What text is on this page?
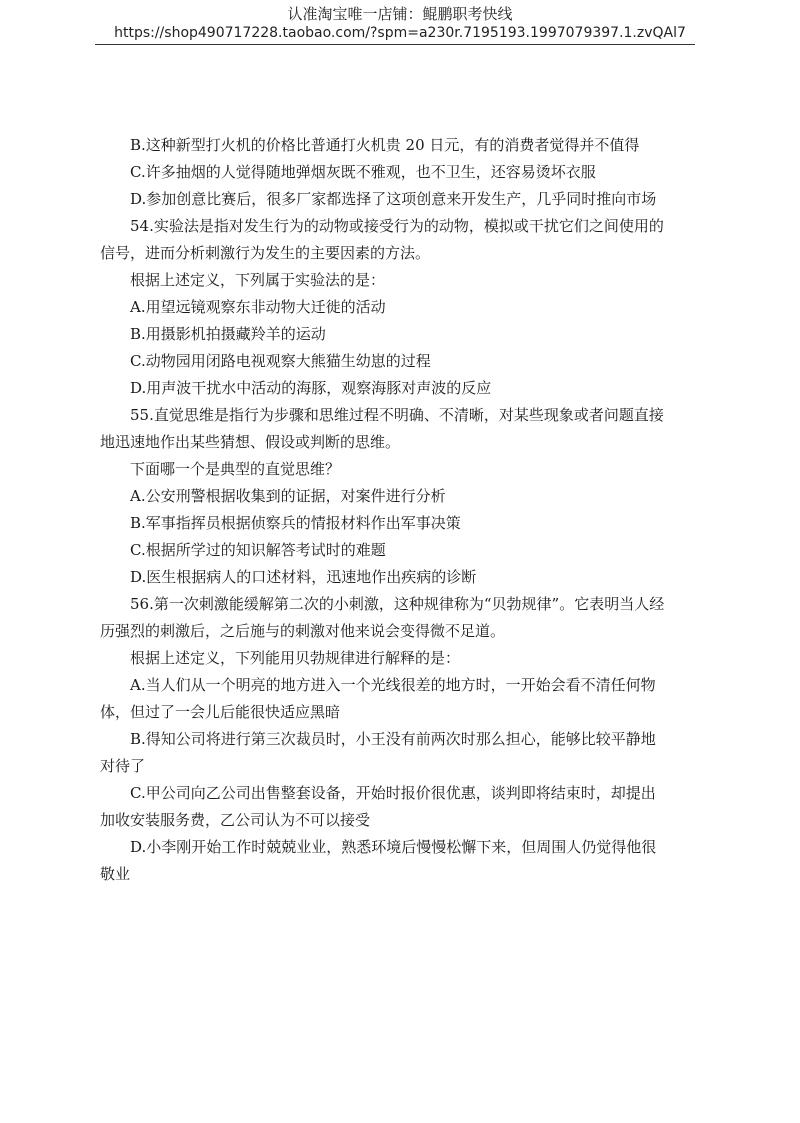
认准淘宝唯一店铺：鲲鹏职考快线
https://shop490717228.taobao.com/?spm=a230r.7195193.1997079397.1.zvQAl7

B.这种新型打火机的价格比普通打火机贵 20 日元，有的消费者觉得并不值得

C.许多抽烟的人觉得随地弹烟灰既不雅观，也不卫生，还容易烫坏衣服

D.参加创意比赛后，很多厂家都选择了这项创意来开发生产，几乎同时推向市场

54.实验法是指对发生行为的动物或接受行为的动物，模拟或干扰它们之间使用的

信号，进而分析刺激行为发生的主要因素的方法。

根据上述定义，下列属于实验法的是：

A.用望远镜观察东非动物大迁徙的活动

B.用摄影机拍摄藏羚羊的运动

C.动物园用闭路电视观察大熊猫生幼崽的过程

D.用声波干扰水中活动的海豚，观察海豚对声波的反应

55.直觉思维是指行为步骤和思维过程不明确、不清晰，对某些现象或者问题直接

地迅速地作出某些猜想、假设或判断的思维。

下面哪一个是典型的直觉思维？

A.公安刑警根据收集到的证据，对案件进行分析

B.军事指挥员根据侦察兵的情报材料作出军事决策

C.根据所学过的知识解答考试时的难题

D.医生根据病人的口述材料，迅速地作出疾病的诊断

56.第一次刺激能缓解第二次的小刺激，这种规律称为“贝勃规律”。它表明当人经

历强烈的刺激后，之后施与的刺激对他来说会变得微不足道。

根据上述定义，下列能用贝勃规律进行解释的是：

A.当人们从一个明亮的地方进入一个光线很差的地方时，一开始会看不清任何物

体，但过了一会儿后能很快适应黑暗

B.得知公司将进行第三次裁员时，小王没有前两次时那么担心，能够比较平静地

对待了

C.甲公司向乙公司出售整套设备，开始时报价很优惠，谈判即将结束时，却提出

加收安装服务费，乙公司认为不可以接受

D.小李刚开始工作时兢兢业业，熟悉环境后慢慢松懈下来，但周围人仍觉得他很

敬业
